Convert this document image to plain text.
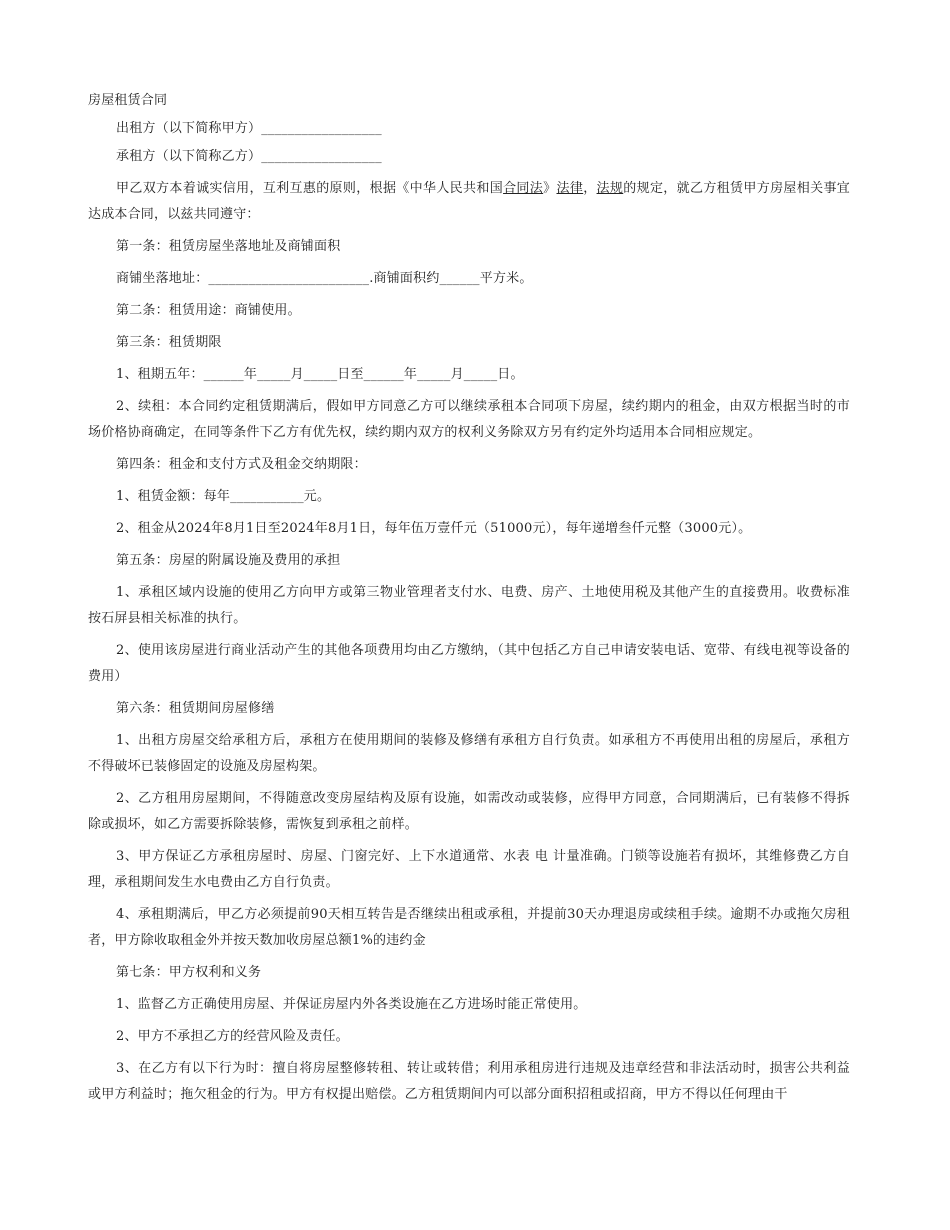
房屋租赁合同

出租方（以下简称甲方）__________________

承租方（以下简称乙方）__________________

甲乙双方本着诚实信用，互利互惠的原则，根据《中华人民共和国合同法》法律，法规的规定，就乙方租赁甲方房屋相关事宜达成本合同，以兹共同遵守：

第一条：租赁房屋坐落地址及商铺面积

商铺坐落地址：________________________.商铺面积约______平方米。

第二条：租赁用途：商铺使用。

第三条：租赁期限

1、租期五年：______年_____月_____日至______年_____月_____日。

2、续租：本合同约定租赁期满后，假如甲方同意乙方可以继续承租本合同项下房屋，续约期内的租金，由双方根据当时的市场价格协商确定，在同等条件下乙方有优先权，续约期内双方的权利义务除双方另有约定外均适用本合同相应规定。

第四条：租金和支付方式及租金交纳期限：

1、租赁金额：每年___________元。

2、租金从2024年8月1日至2024年8月1日，每年伍万壹仟元（51000元），每年递增叁仟元整（3000元）。

第五条：房屋的附属设施及费用的承担

1、承租区域内设施的使用乙方向甲方或第三物业管理者支付水、电费、房产、土地使用税及其他产生的直接费用。收费标准按石屏县相关标准的执行。

2、使用该房屋进行商业活动产生的其他各项费用均由乙方缴纳，（其中包括乙方自己申请安装电话、宽带、有线电视等设备的费用）

第六条：租赁期间房屋修缮

1、出租方房屋交给承租方后，承租方在使用期间的装修及修缮有承租方自行负责。如承租方不再使用出租的房屋后，承租方不得破坏已装修固定的设施及房屋构架。

2、乙方租用房屋期间，不得随意改变房屋结构及原有设施，如需改动或装修，应得甲方同意，合同期满后，已有装修不得拆除或损坏，如乙方需要拆除装修，需恢复到承租之前样。

3、甲方保证乙方承租房屋时、房屋、门窗完好、上下水道通常、水表 电 计量准确。门锁等设施若有损坏，其维修费乙方自理，承租期间发生水电费由乙方自行负责。

4、承租期满后，甲乙方必须提前90天相互转告是否继续出租或承租，并提前30天办理退房或续租手续。逾期不办或拖欠房租者，甲方除收取租金外并按天数加收房屋总额1%的违约金

第七条：甲方权利和义务

1、监督乙方正确使用房屋、并保证房屋内外各类设施在乙方进场时能正常使用。

2、甲方不承担乙方的经营风险及责任。

3、在乙方有以下行为时：擅自将房屋整修转租、转让或转借；利用承租房进行违规及违章经营和非法活动时，损害公共利益或甲方利益时；拖欠租金的行为。甲方有权提出赔偿。乙方租赁期间内可以部分面积招租或招商，甲方不得以任何理由干
